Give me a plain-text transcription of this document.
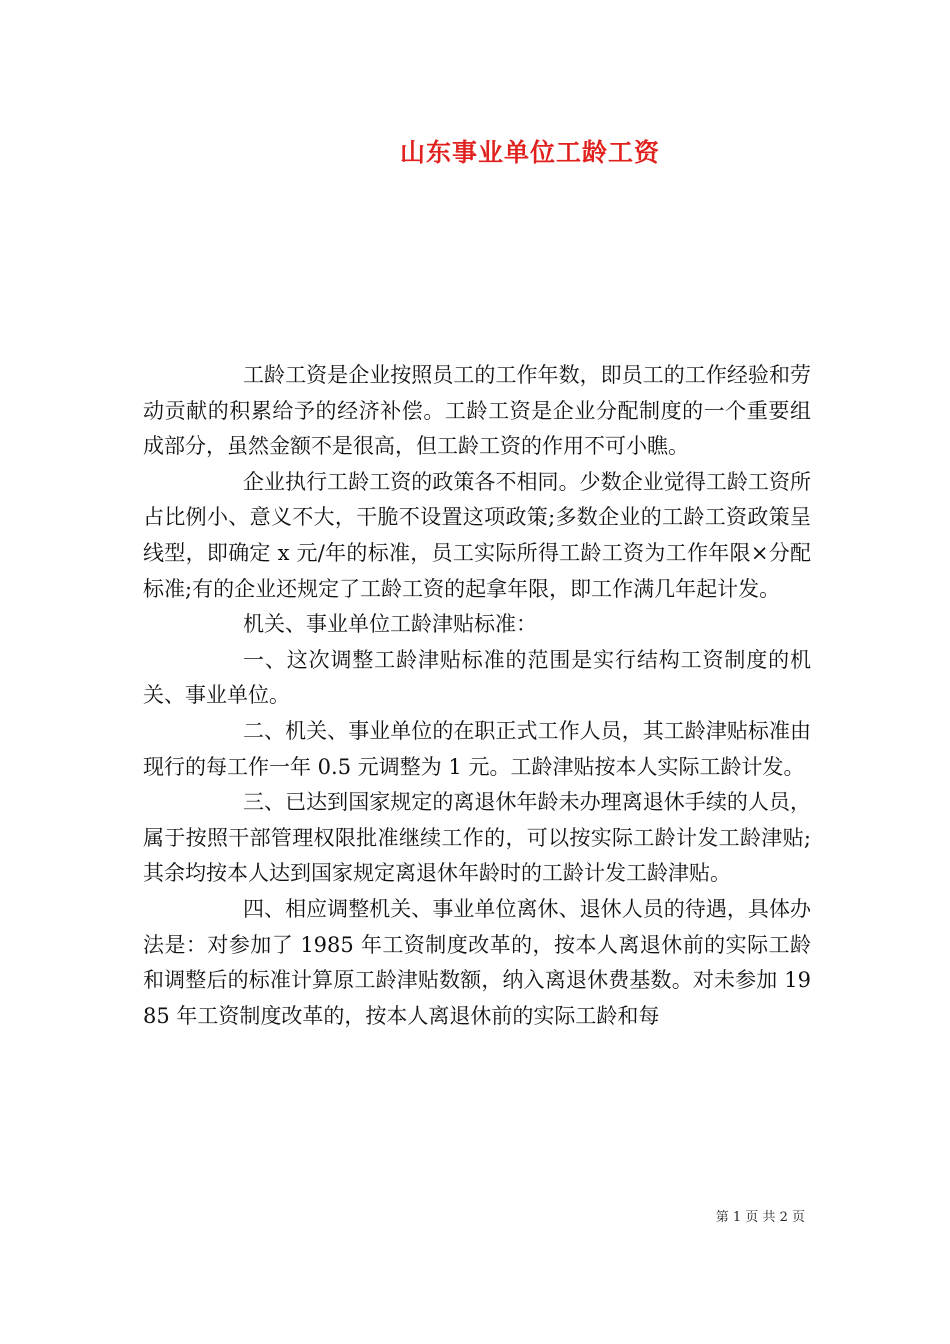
山东事业单位工龄工资

工龄工资是企业按照员工的工作年数，即员工的工作经验和劳动贡献的积累给予的经济补偿。工龄工资是企业分配制度的一个重要组成部分，虽然金额不是很高，但工龄工资的作用不可小瞧。

企业执行工龄工资的政策各不相同。少数企业觉得工龄工资所占比例小、意义不大，干脆不设置这项政策;多数企业的工龄工资政策呈线型，即确定 x 元/年的标准，员工实际所得工龄工资为工作年限×分配标准;有的企业还规定了工龄工资的起拿年限，即工作满几年起计发。

机关、事业单位工龄津贴标准：

一、这次调整工龄津贴标准的范围是实行结构工资制度的机关、事业单位。

二、机关、事业单位的在职正式工作人员，其工龄津贴标准由现行的每工作一年 0.5 元调整为 1 元。工龄津贴按本人实际工龄计发。

三、已达到国家规定的离退休年龄未办理离退休手续的人员，属于按照干部管理权限批准继续工作的，可以按实际工龄计发工龄津贴;其余均按本人达到国家规定离退休年龄时的工龄计发工龄津贴。

四、相应调整机关、事业单位离休、退休人员的待遇，具体办法是：对参加了 1985 年工资制度改革的，按本人离退休前的实际工龄和调整后的标准计算原工龄津贴数额，纳入离退休费基数。对未参加 1985 年工资制度改革的，按本人离退休前的实际工龄和每

第 1 页 共 2 页
